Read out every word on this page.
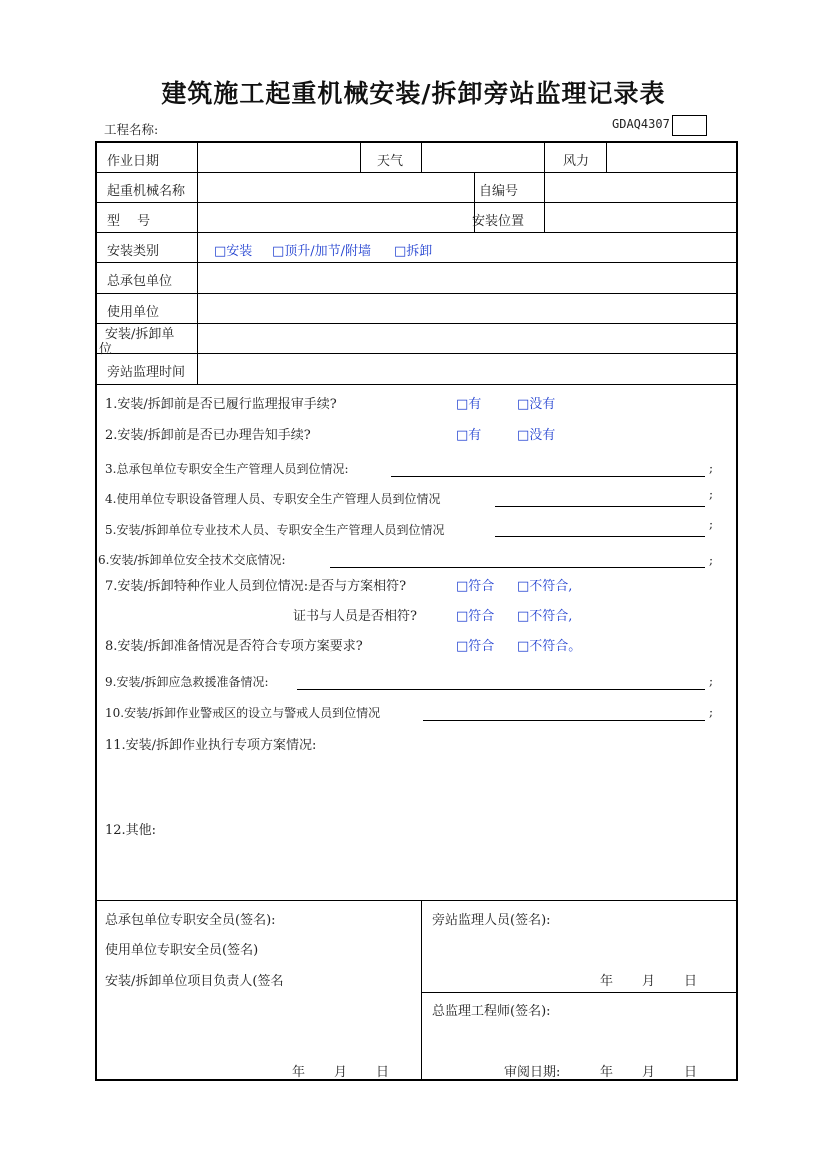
建筑施工起重机械安装/拆卸旁站监理记录表
工程名称:	GDAQ4307
作业日期	天气	风力
起重机械名称	自编号
型　 号	安装位置
安装类别	□安装 □顶升/加节/附墙 □拆卸
总承包单位
使用单位
安装/拆卸单
位
旁站监理时间
1.安装/拆卸前是否已履行监理报审手续?	□有	□没有
2.安装/拆卸前是否已办理告知手续?	□有	□没有
3.总承包单位专职安全生产管理人员到位情况:	;
4.使用单位专职设备管理人员、专职安全生产管理人员到位情况	;
5.安装/拆卸单位专业技术人员、专职安全生产管理人员到位情况	;
6.安装/拆卸单位安全技术交底情况:	;
7.安装/拆卸特种作业人员到位情况:是否与方案相符?	□符合 □不符合,
证书与人员是否相符?	□符合 □不符合,
8.安装/拆卸准备情况是否符合专项方案要求?	□符合 □不符合。
9.安装/拆卸应急救援准备情况:	;
10.安装/拆卸作业警戒区的设立与警戒人员到位情况	;
11.安装/拆卸作业执行专项方案情况:
12.其他:
总承包单位专职安全员(签名):
使用单位专职安全员(签名)
安装/拆卸单位项目负责人(签名
年 月 日
旁站监理人员(签名):
年 月 日
总监理工程师(签名):
审阅日期:	年 月 日
